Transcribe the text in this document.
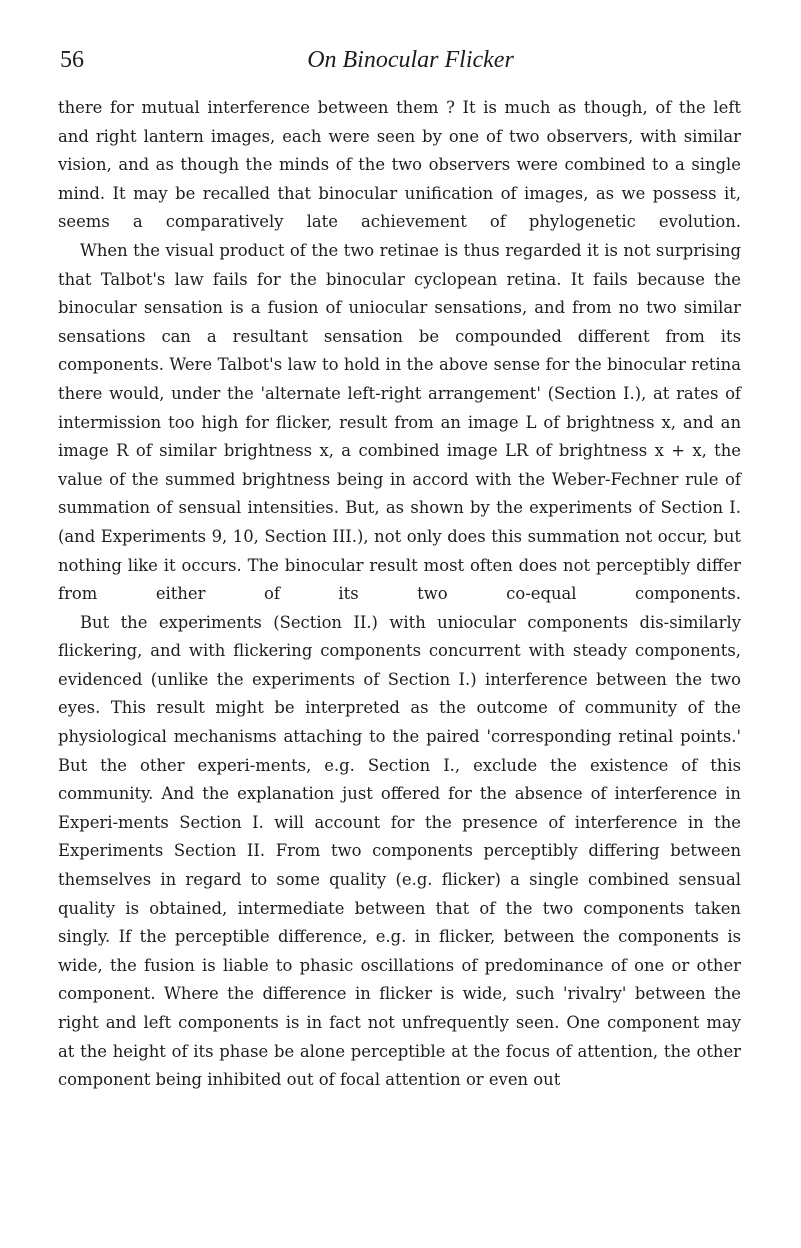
56	On Binocular Flicker

there for mutual interference between them ? It is much as though, of the left and right lantern images, each were seen by one of two observers, with similar vision, and as though the minds of the two observers were combined to a single mind. It may be recalled that binocular unification of images, as we possess it, seems a comparatively late achievement of phylogenetic evolution.

When the visual product of the two retinae is thus regarded it is not surprising that Talbot's law fails for the binocular cyclopean retina. It fails because the binocular sensation is a fusion of uniocular sensations, and from no two similar sensations can a resultant sensation be compounded different from its components. Were Talbot's law to hold in the above sense for the binocular retina there would, under the 'alternate left-right arrangement' (Section I.), at rates of intermission too high for flicker, result from an image L of brightness x, and an image R of similar brightness x, a combined image LR of brightness x + x, the value of the summed brightness being in accord with the Weber-Fechner rule of summation of sensual intensities. But, as shown by the experiments of Section I. (and Experiments 9, 10, Section III.), not only does this summation not occur, but nothing like it occurs. The binocular result most often does not perceptibly differ from either of its two co-equal components.

But the experiments (Section II.) with uniocular components dis-similarly flickering, and with flickering components concurrent with steady components, evidenced (unlike the experiments of Section I.) interference between the two eyes. This result might be interpreted as the outcome of community of the physiological mechanisms attaching to the paired 'corresponding retinal points.' But the other experi-ments, e.g. Section I., exclude the existence of this community. And the explanation just offered for the absence of interference in Experi-ments Section I. will account for the presence of interference in the Experiments Section II. From two components perceptibly differing between themselves in regard to some quality (e.g. flicker) a single combined sensual quality is obtained, intermediate between that of the two components taken singly. If the perceptible difference, e.g. in flicker, between the components is wide, the fusion is liable to phasic oscillations of predominance of one or other component. Where the difference in flicker is wide, such 'rivalry' between the right and left components is in fact not unfrequently seen. One component may at the height of its phase be alone perceptible at the focus of attention, the other component being inhibited out of focal attention or even out
